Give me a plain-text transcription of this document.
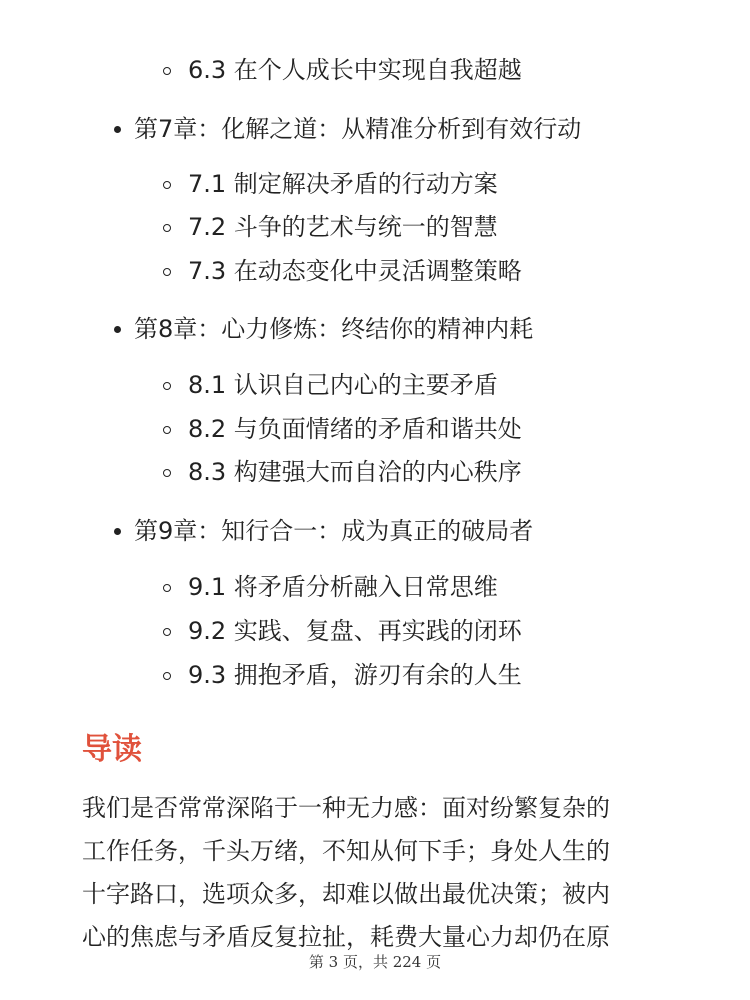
6.3 在个人成长中实现自我超越
第7章：化解之道：从精准分析到有效行动
7.1 制定解决矛盾的行动方案
7.2 斗争的艺术与统一的智慧
7.3 在动态变化中灵活调整策略
第8章：心力修炼：终结你的精神内耗
8.1 认识自己内心的主要矛盾
8.2 与负面情绪的矛盾和谐共处
8.3 构建强大而自洽的内心秩序
第9章：知行合一：成为真正的破局者
9.1 将矛盾分析融入日常思维
9.2 实践、复盘、再实践的闭环
9.3 拥抱矛盾，游刃有余的人生
导读
我们是否常常深陷于一种无力感：面对纷繁复杂的
工作任务，千头万绪，不知从何下手；身处人生的
十字路口，选项众多，却难以做出最优决策；被内
心的焦虑与矛盾反复拉扯，耗费大量心力却仍在原
第 3 页，共 224 页
